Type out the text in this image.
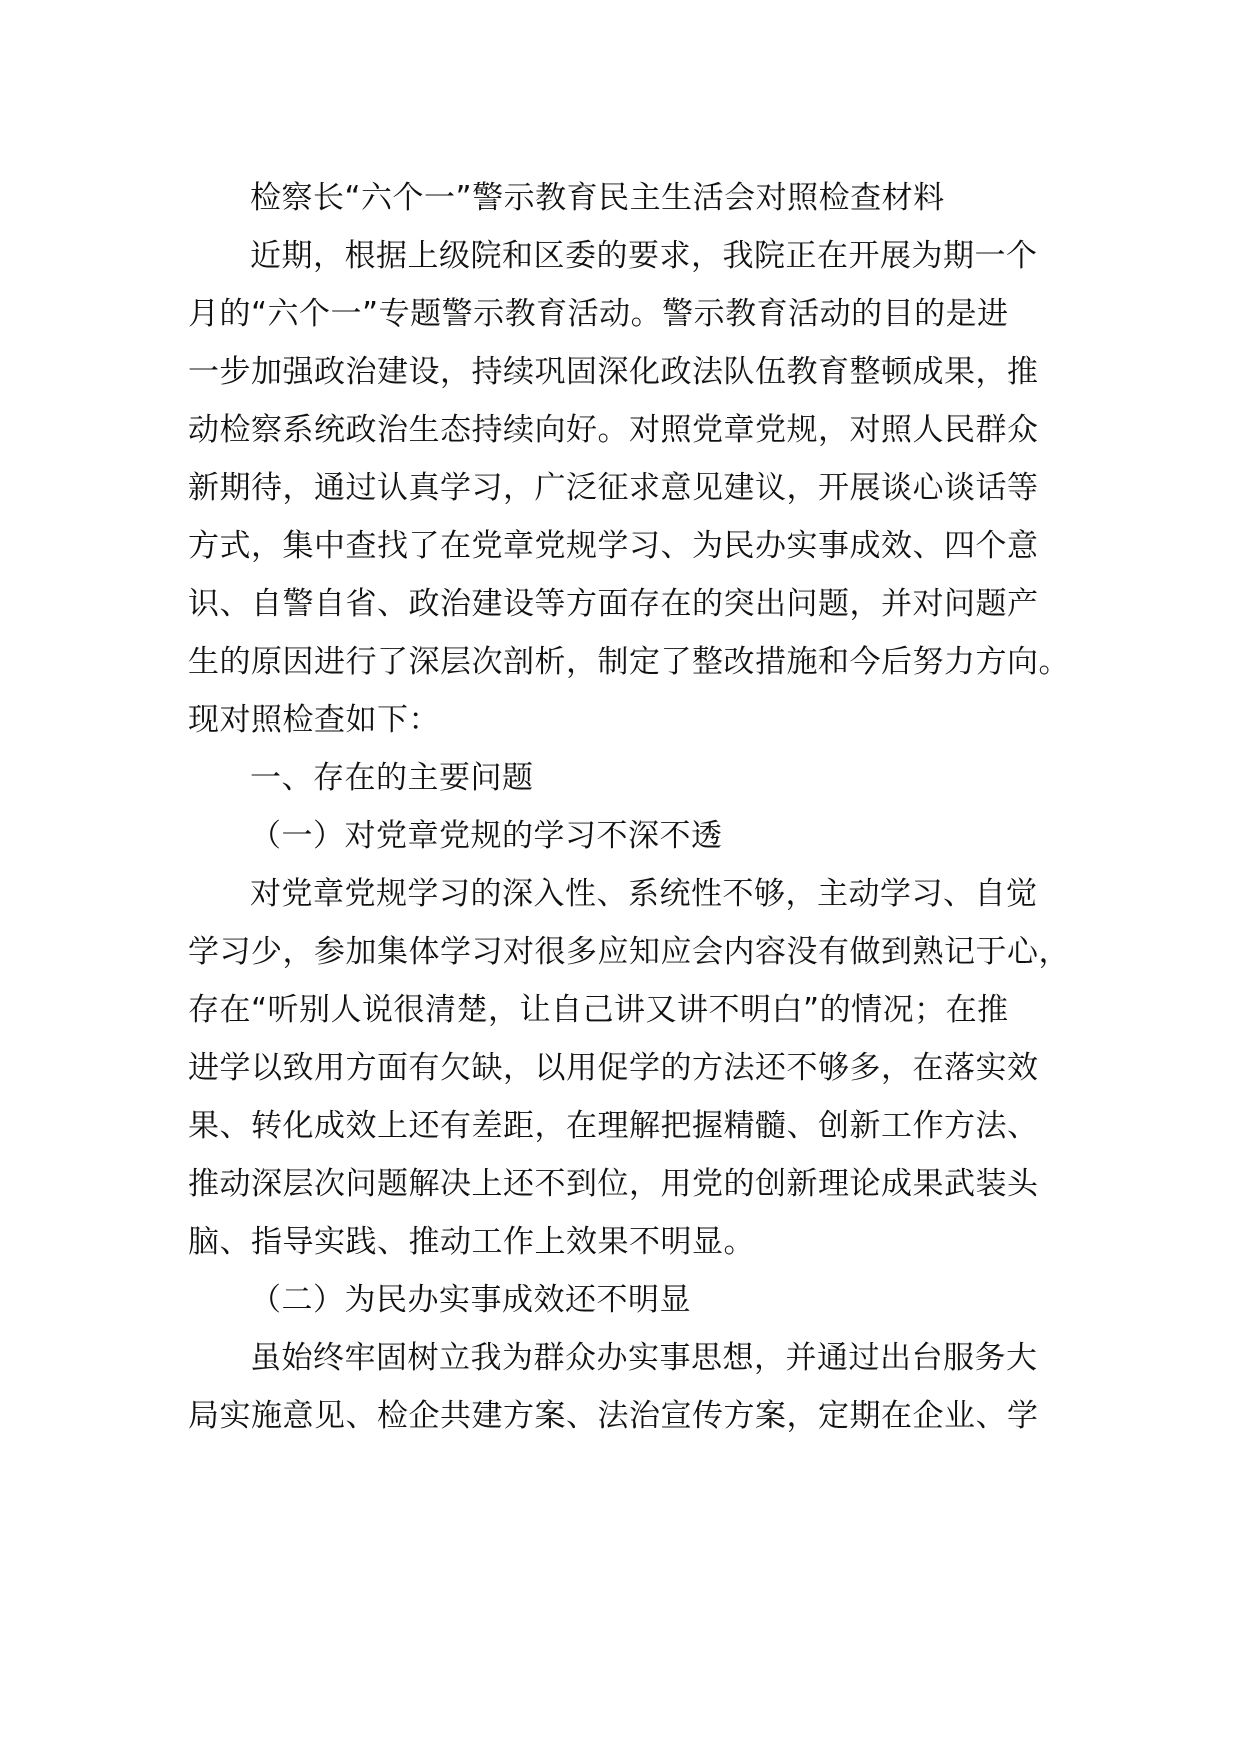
检察长“六个一”警示教育民主生活会对照检查材料
近期，根据上级院和区委的要求，我院正在开展为期一个
月的“六个一”专题警示教育活动。警示教育活动的目的是进
一步加强政治建设，持续巩固深化政法队伍教育整顿成果，推
动检察系统政治生态持续向好。对照党章党规，对照人民群众
新期待，通过认真学习，广泛征求意见建议，开展谈心谈话等
方式，集中查找了在党章党规学习、为民办实事成效、四个意
识、自警自省、政治建设等方面存在的突出问题，并对问题产
生的原因进行了深层次剖析，制定了整改措施和今后努力方向。
现对照检查如下：
一、存在的主要问题
（一）对党章党规的学习不深不透
对党章党规学习的深入性、系统性不够，主动学习、自觉
学习少，参加集体学习对很多应知应会内容没有做到熟记于心，
存在“听别人说很清楚，让自己讲又讲不明白”的情况；在推
进学以致用方面有欠缺，以用促学的方法还不够多，在落实效
果、转化成效上还有差距，在理解把握精髓、创新工作方法、
推动深层次问题解决上还不到位，用党的创新理论成果武装头
脑、指导实践、推动工作上效果不明显。
（二）为民办实事成效还不明显
虽始终牢固树立我为群众办实事思想，并通过出台服务大
局实施意见、检企共建方案、法治宣传方案，定期在企业、学
